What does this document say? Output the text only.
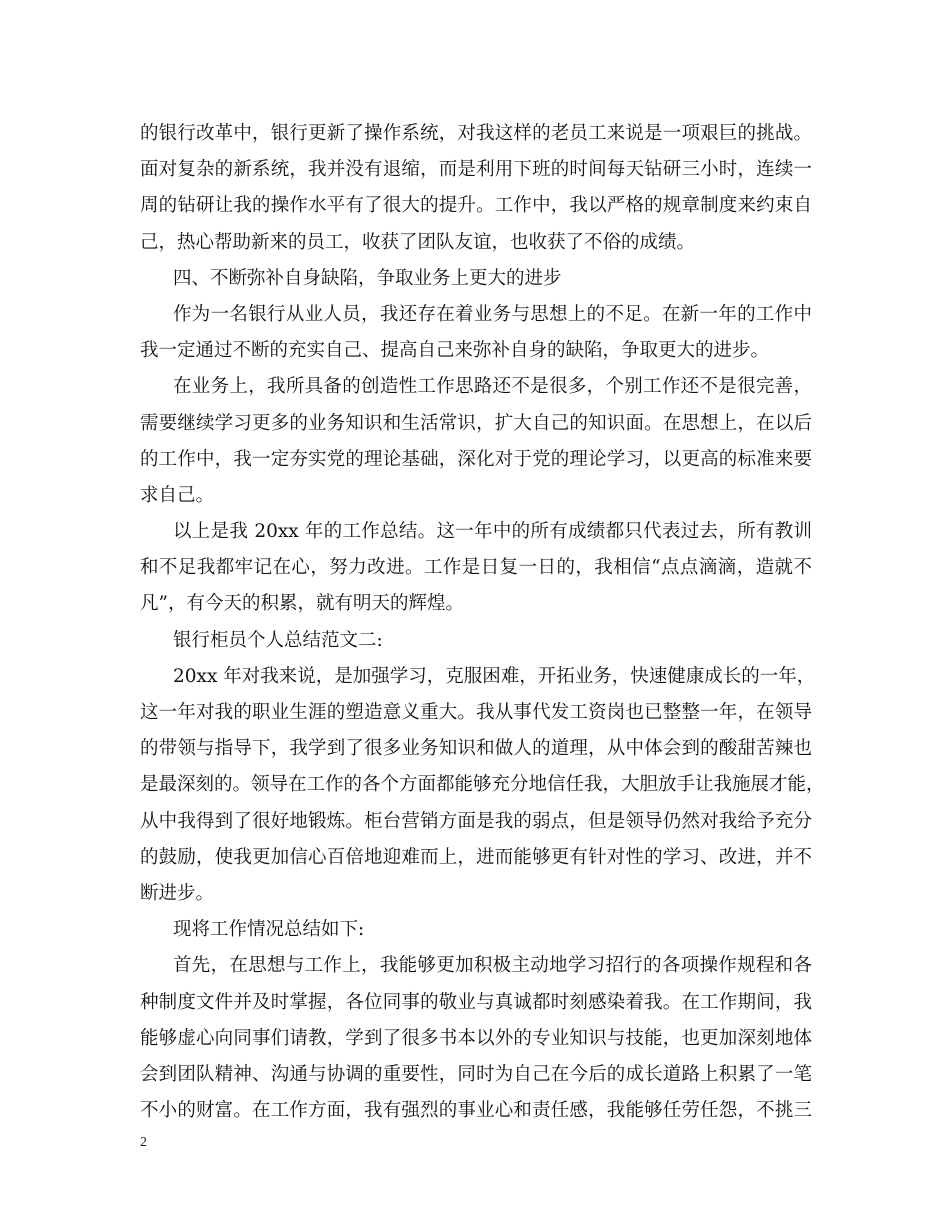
的银行改革中，银行更新了操作系统，对我这样的老员工来说是一项艰巨的挑战。
面对复杂的新系统，我并没有退缩，而是利用下班的时间每天钻研三小时，连续一
周的钻研让我的操作水平有了很大的提升。工作中，我以严格的规章制度来约束自
己，热心帮助新来的员工，收获了团队友谊，也收获了不俗的成绩。
四、不断弥补自身缺陷，争取业务上更大的进步
作为一名银行从业人员，我还存在着业务与思想上的不足。在新一年的工作中
我一定通过不断的充实自己、提高自己来弥补自身的缺陷，争取更大的进步。
在业务上，我所具备的创造性工作思路还不是很多，个别工作还不是很完善，
需要继续学习更多的业务知识和生活常识，扩大自己的知识面。在思想上，在以后
的工作中，我一定夯实党的理论基础，深化对于党的理论学习，以更高的标准来要
求自己。
以上是我 20xx 年的工作总结。这一年中的所有成绩都只代表过去，所有教训
和不足我都牢记在心，努力改进。工作是日复一日的，我相信“点点滴滴，造就不
凡”，有今天的积累，就有明天的辉煌。
银行柜员个人总结范文二:
20xx 年对我来说，是加强学习，克服困难，开拓业务，快速健康成长的一年，
这一年对我的职业生涯的塑造意义重大。我从事代发工资岗也已整整一年，在领导
的带领与指导下，我学到了很多业务知识和做人的道理，从中体会到的酸甜苦辣也
是最深刻的。领导在工作的各个方面都能够充分地信任我，大胆放手让我施展才能，
从中我得到了很好地锻炼。柜台营销方面是我的弱点，但是领导仍然对我给予充分
的鼓励，使我更加信心百倍地迎难而上，进而能够更有针对性的学习、改进，并不
断进步。
现将工作情况总结如下:
首先，在思想与工作上，我能够更加积极主动地学习招行的各项操作规程和各
种制度文件并及时掌握，各位同事的敬业与真诚都时刻感染着我。在工作期间，我
能够虚心向同事们请教，学到了很多书本以外的专业知识与技能，也更加深刻地体
会到团队精神、沟通与协调的重要性，同时为自己在今后的成长道路上积累了一笔
不小的财富。在工作方面，我有强烈的事业心和责任感，我能够任劳任怨，不挑三
2
